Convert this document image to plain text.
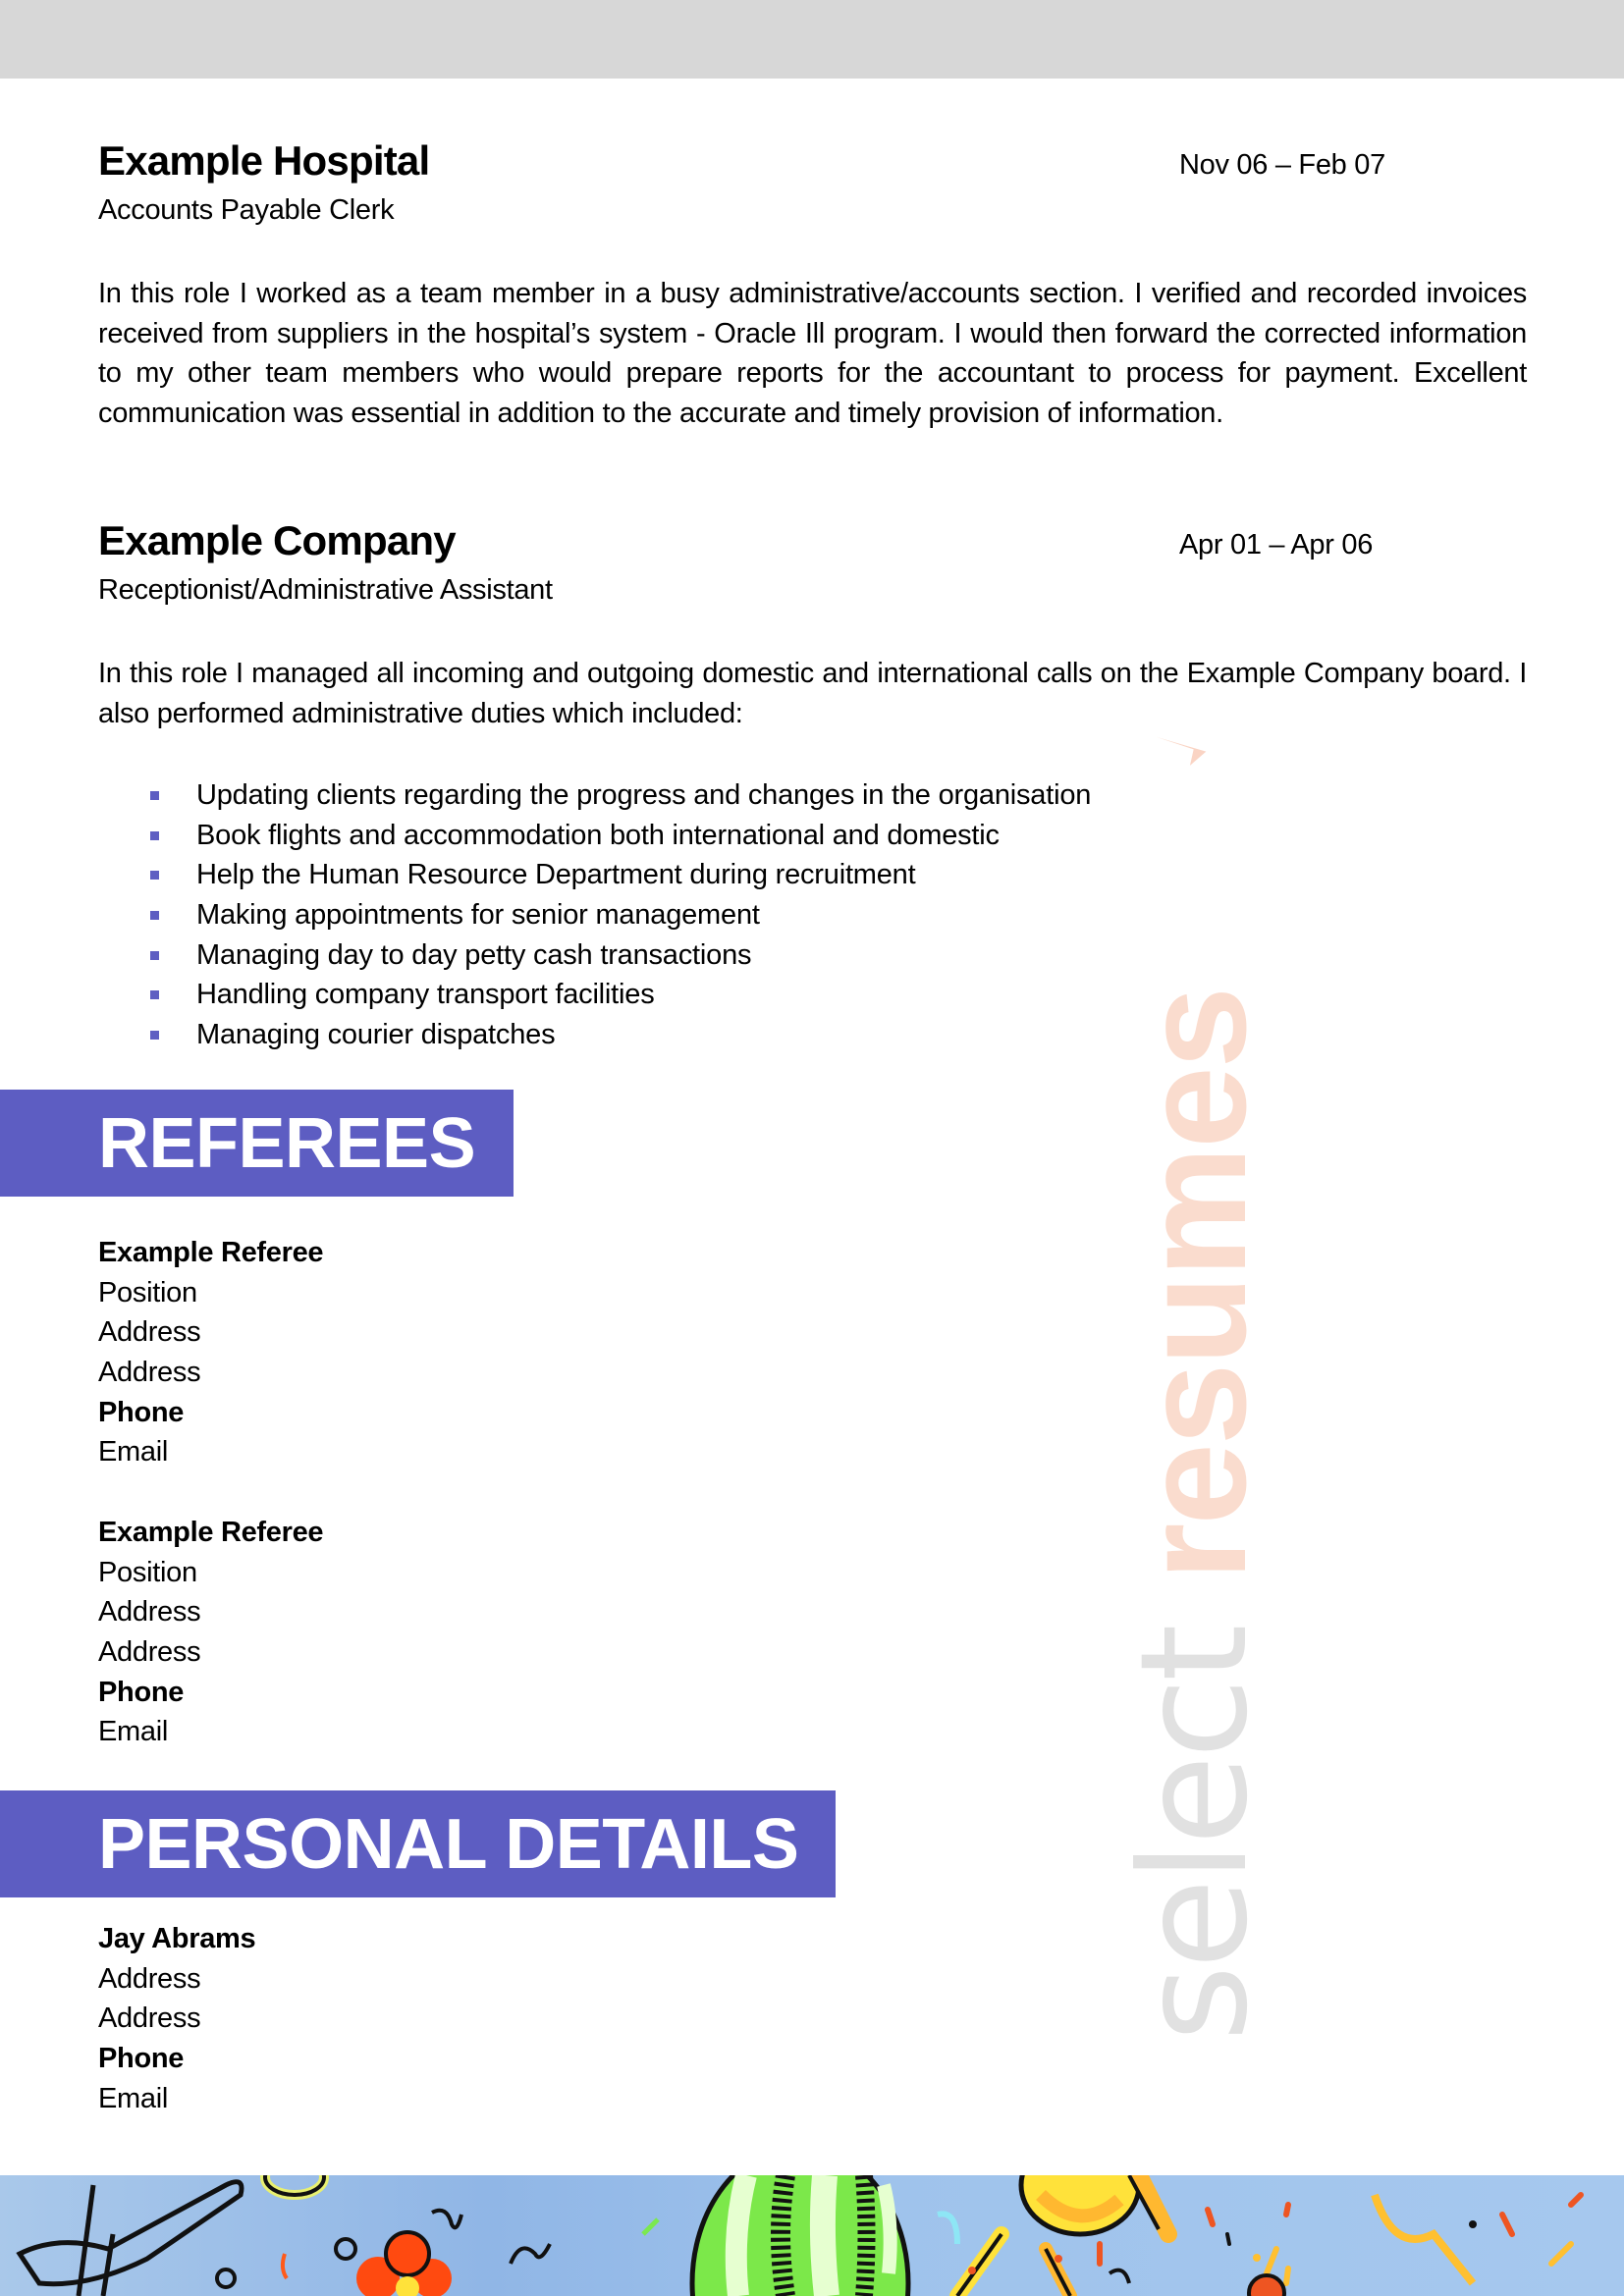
resumes
select
Example Hospital	Nov 06 – Feb 07
Accounts Payable Clerk
In this role I worked as a team member in a busy administrative/accounts section. I verified and recorded invoices received from suppliers in the hospital’s system - Oracle Ill program. I would then forward the corrected information to my other team members who would prepare reports for the accountant to process for payment. Excellent communication was essential in addition to the accurate and timely provision of information.
Example Company	Apr 01 – Apr 06
Receptionist/Administrative Assistant
In this role I managed all incoming and outgoing domestic and international calls on the Example Company board. I also performed administrative duties which included:
Updating clients regarding the progress and changes in the organisation
Book flights and accommodation both international and domestic
Help the Human Resource Department during recruitment
Making appointments for senior management
Managing day to day petty cash transactions
Handling company transport facilities
Managing courier dispatches
REFEREES
Example Referee
Position
Address
Address
Phone
Email
Example Referee
Position
Address
Address
Phone
Email
PERSONAL DETAILS
Jay Abrams
Address
Address
Phone
Email
